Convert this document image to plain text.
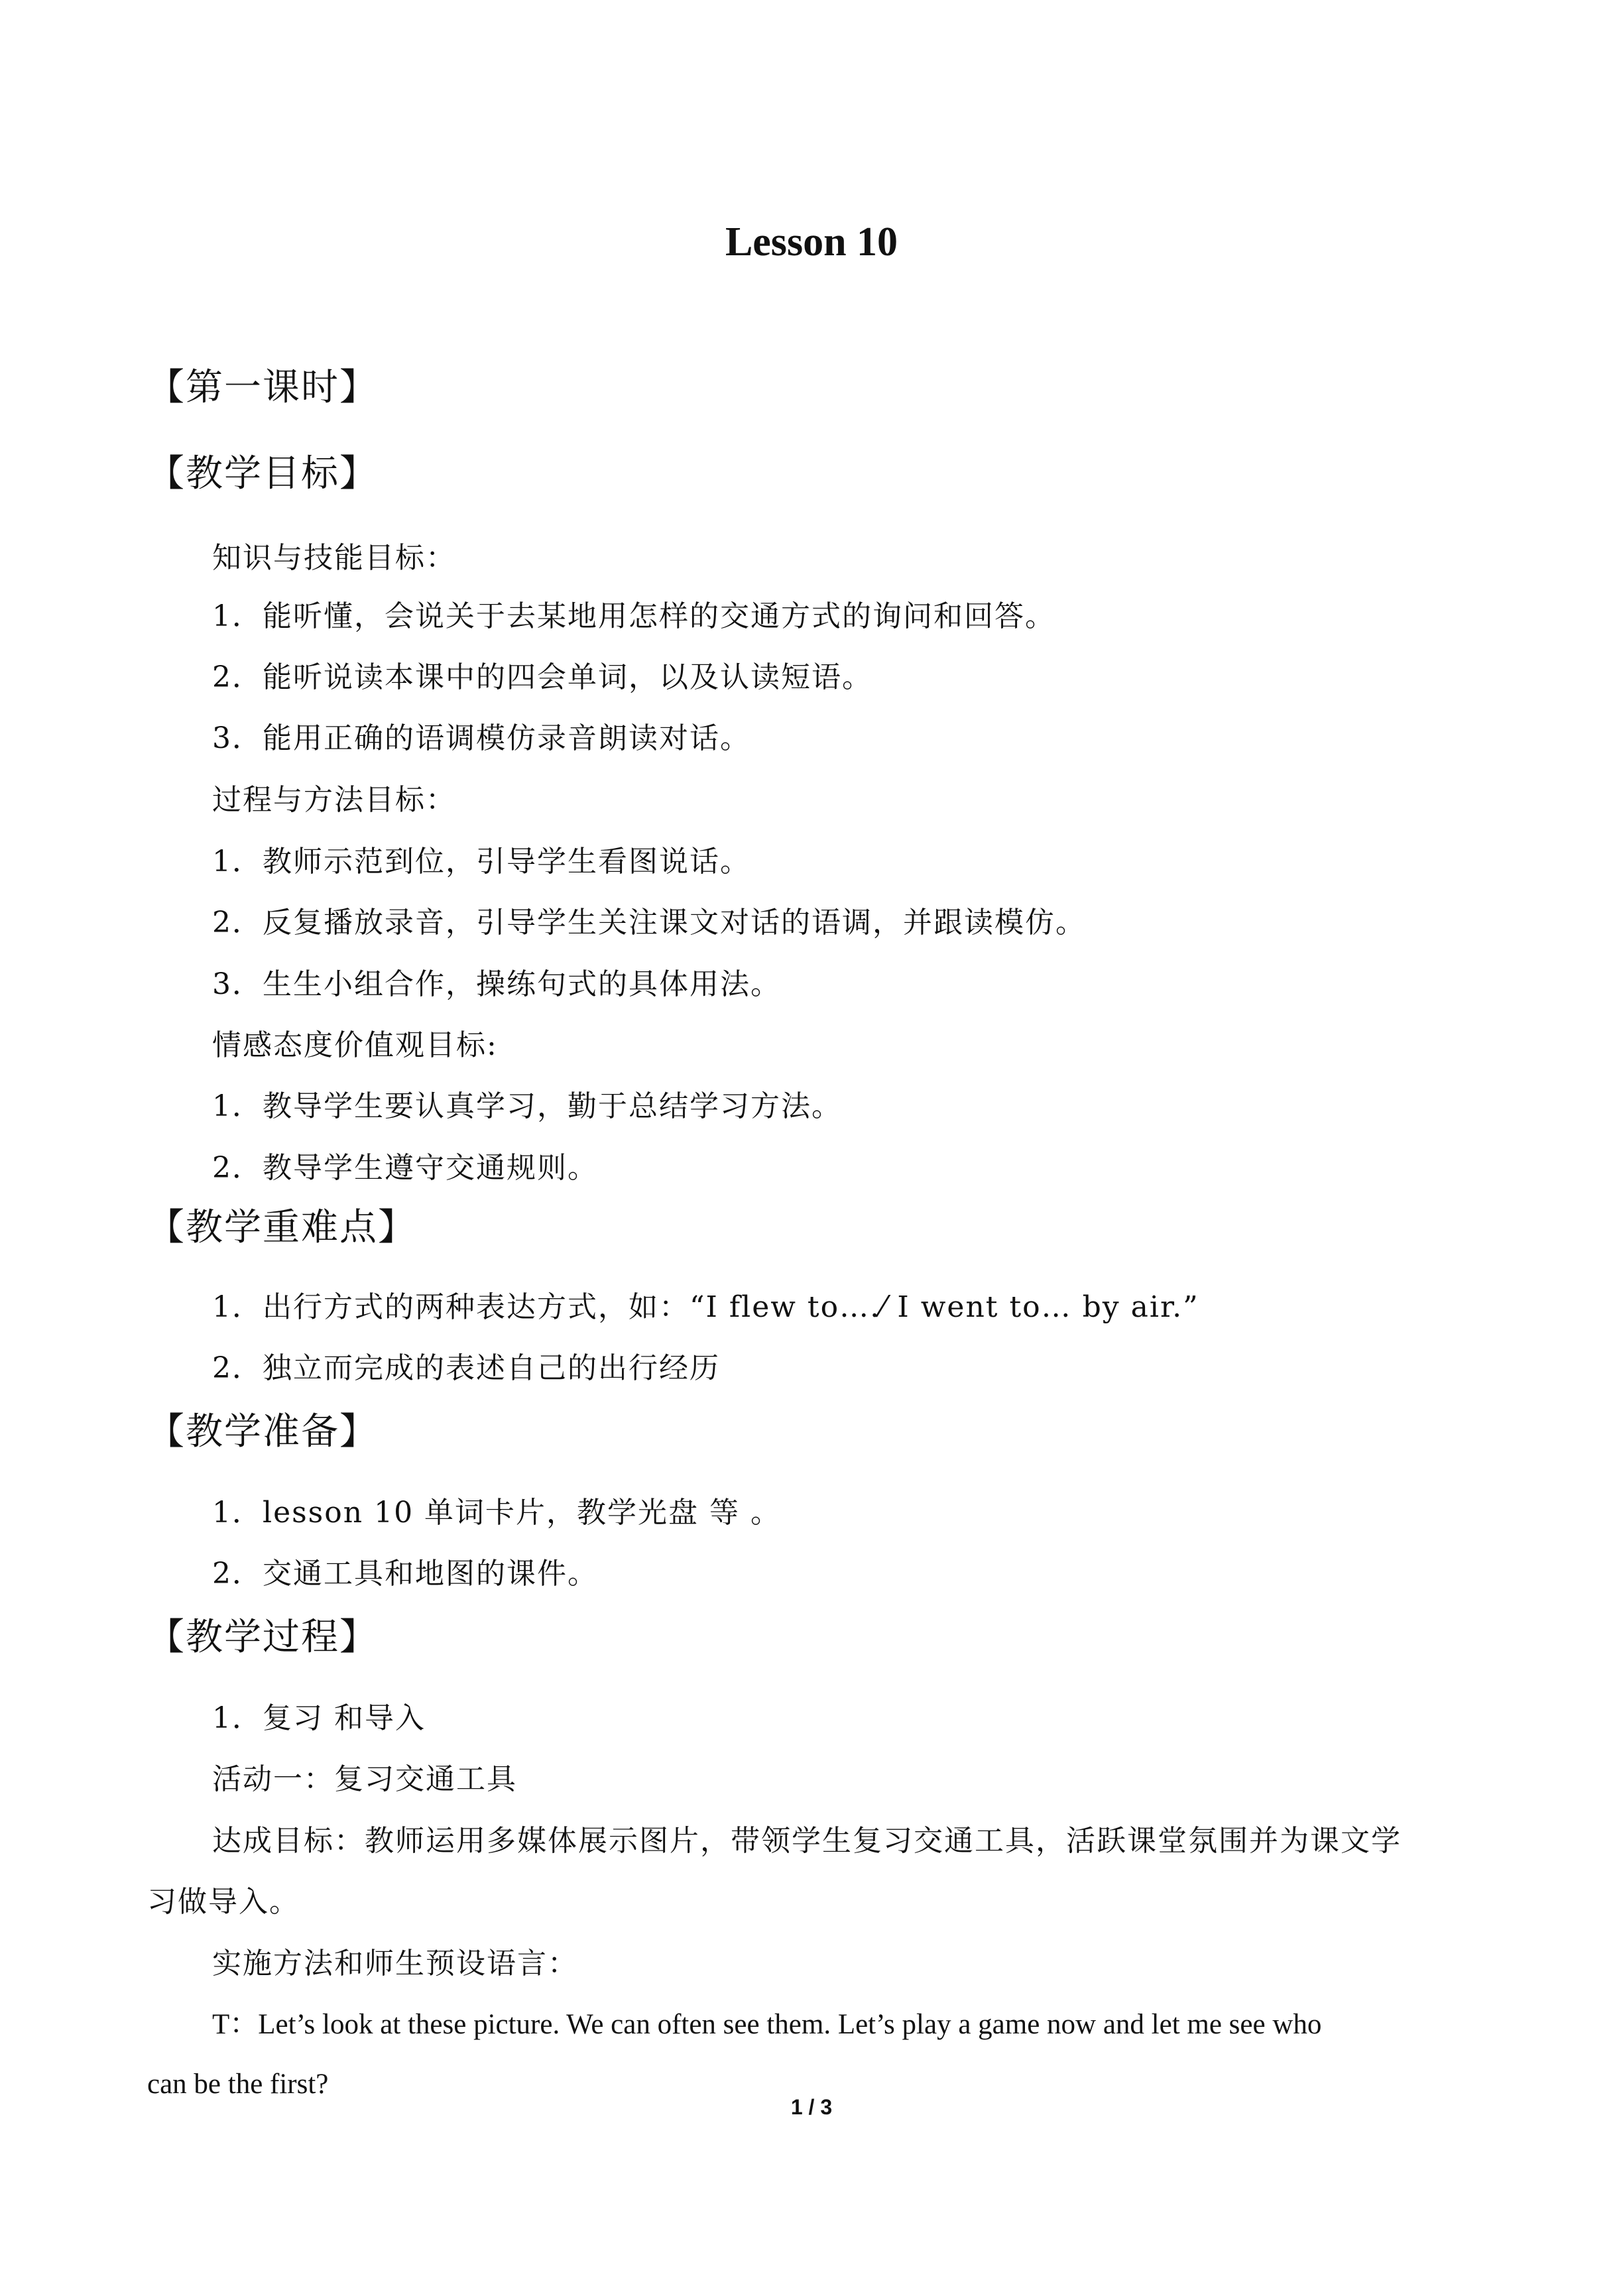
Lesson 10
【第一课时】
【教学目标】
知识与技能目标：
1．能听懂，会说关于去某地用怎样的交通方式的询问和回答。
2．能听说读本课中的四会单词，以及认读短语。
3．能用正确的语调模仿录音朗读对话。
过程与方法目标：
1．教师示范到位，引导学生看图说话。
2．反复播放录音，引导学生关注课文对话的语调，并跟读模仿。
3．生生小组合作，操练句式的具体用法。
情感态度价值观目标:
1．教导学生要认真学习，勤于总结学习方法。
2．教导学生遵守交通规则。
【教学重难点】
1．出行方式的两种表达方式，如：“I flew to….⁄ I went to… by air.”
2．独立而完成的表述自己的出行经历
【教学准备】
1．lesson 10 单词卡片，教学光盘 等 。
2．交通工具和地图的课件。
【教学过程】
1．复习 和导入
活动一：复习交通工具
达成目标：教师运用多媒体展示图片，带领学生复习交通工具，活跃课堂氛围并为课文学
习做导入。
实施方法和师生预设语言：
T：Let’s look at these picture. We can often see them. Let’s play a game now and let me see who
can be the first?
1 / 3
